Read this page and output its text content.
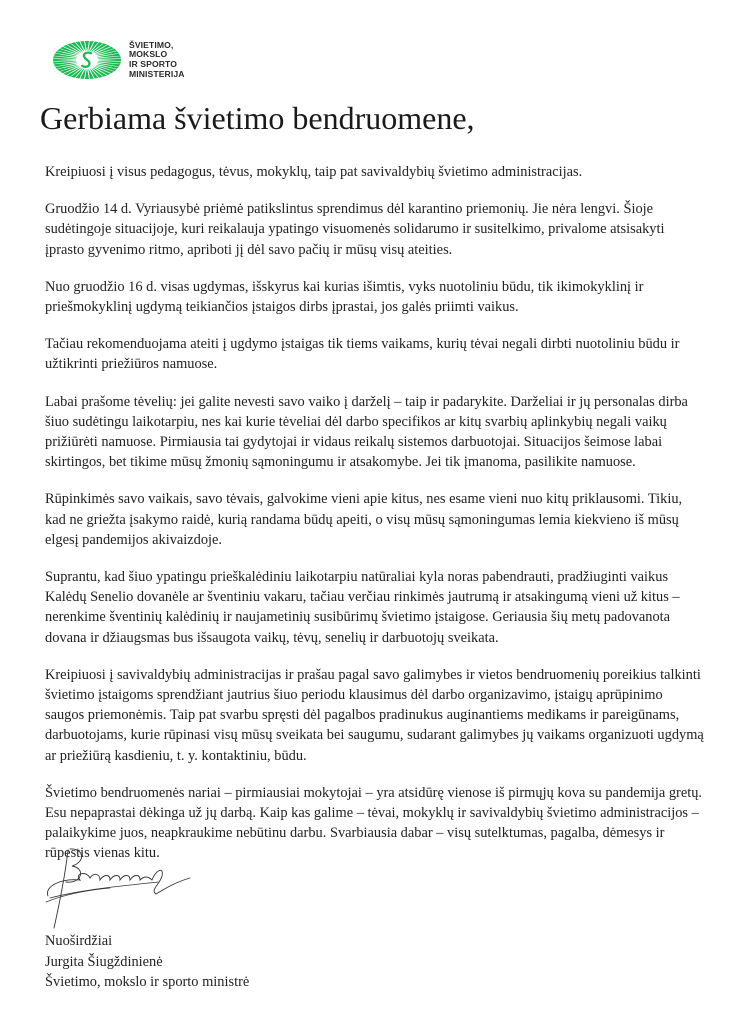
ŠVIETIMO,
MOKSLO
IR SPORTO
MINISTERIJA
Gerbiama švietimo bendruomene,

Kreipiuosi į visus pedagogus, tėvus, mokyklų, taip pat savivaldybių švietimo administracijas.

Gruodžio 14 d. Vyriausybė priėmė patikslintus sprendimus dėl karantino priemonių. Jie nėra lengvi. Šioje sudėtingoje situacijoje, kuri reikalauja ypatingo visuomenės solidarumo ir susitelkimo, privalome atsisakyti įprasto gyvenimo ritmo, apriboti jį dėl savo pačių ir mūsų visų ateities.

Nuo gruodžio 16 d. visas ugdymas, išskyrus kai kurias išimtis, vyks nuotoliniu būdu, tik ikimokyklinį ir priešmokyklinį ugdymą teikiančios įstaigos dirbs įprastai, jos galės priimti vaikus.

Tačiau rekomenduojama ateiti į ugdymo įstaigas tik tiems vaikams, kurių tėvai negali dirbti nuotoliniu būdu ir užtikrinti priežiūros namuose.

Labai prašome tėvelių: jei galite nevesti savo vaiko į darželį – taip ir padarykite. Darželiai ir jų personalas dirba šiuo sudėtingu laikotarpiu, nes kai kurie tėveliai dėl darbo specifikos ar kitų svarbių aplinkybių negali vaikų prižiūrėti namuose. Pirmiausia tai gydytojai ir vidaus reikalų sistemos darbuotojai. Situacijos šeimose labai skirtingos, bet tikime mūsų žmonių sąmoningumu ir atsakomybe. Jei tik įmanoma, pasilikite namuose.

Rūpinkimės savo vaikais, savo tėvais, galvokime vieni apie kitus, nes esame vieni nuo kitų priklausomi. Tikiu, kad ne griežta įsakymo raidė, kurią randama būdų apeiti, o visų mūsų sąmoningumas lemia kiekvieno iš mūsų elgesį pandemijos akivaizdoje.

Suprantu, kad šiuo ypatingu prieškalėdiniu laikotarpiu natūraliai kyla noras pabendrauti, pradžiuginti vaikus Kalėdų Senelio dovanėle ar šventiniu vakaru, tačiau verčiau rinkimės jautrumą ir atsakingumą vieni už kitus – nerenkime šventinių kalėdinių ir naujametinių susibūrimų švietimo įstaigose. Geriausia šių metų padovanota dovana ir džiaugsmas bus išsaugota vaikų, tėvų, senelių ir darbuotojų sveikata.

Kreipiuosi į savivaldybių administracijas ir prašau pagal savo galimybes ir vietos bendruomenių poreikius talkinti švietimo įstaigoms sprendžiant jautrius šiuo periodu klausimus dėl darbo organizavimo, įstaigų aprūpinimo saugos priemonėmis. Taip pat svarbu spręsti dėl pagalbos pradinukus auginantiems medikams ir pareigūnams, darbuotojams, kurie rūpinasi visų mūsų sveikata bei saugumu, sudarant galimybes jų vaikams organizuoti ugdymą ar priežiūrą kasdieniu, t. y. kontaktiniu, būdu.

Švietimo bendruomenės nariai – pirmiausiai mokytojai – yra atsidūrę vienose iš pirmųjų kova su pandemija gretų. Esu nepaprastai dėkinga už jų darbą. Kaip kas galime – tėvai, mokyklų ir savivaldybių švietimo administracijos – palaikykime juos, neapkraukime nebūtinu darbu. Svarbiausia dabar – visų sutelktumas, pagalba, dėmesys ir rūpestis vienas kitu.

Nuoširdžiai
Jurgita Šiugždinienė
Švietimo, mokslo ir sporto ministrė
